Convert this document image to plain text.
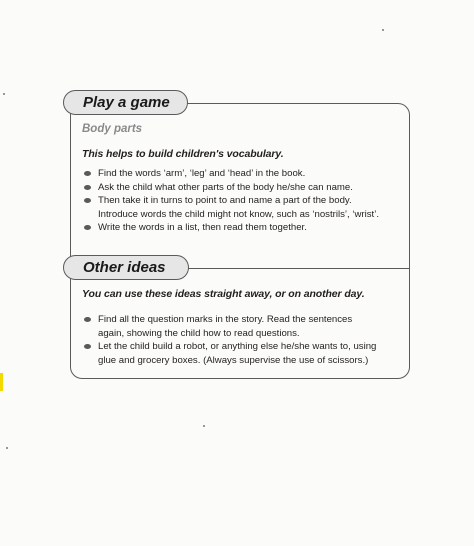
Play a game
Body parts
This helps to build children's vocabulary.
Find the words ‘arm’, ‘leg’ and ‘head’ in the book.
Ask the child what other parts of the body he/she can name.
Then take it in turns to point to and name a part of the body.
Introduce words the child might not know, such as ‘nostrils’, ‘wrist’.
Write the words in a list, then read them together.
Other ideas
You can use these ideas straight away, or on another day.
Find all the question marks in the story. Read the sentences
again, showing the child how to read questions.
Let the child build a robot, or anything else he/she wants to, using
glue and grocery boxes. (Always supervise the use of scissors.)
